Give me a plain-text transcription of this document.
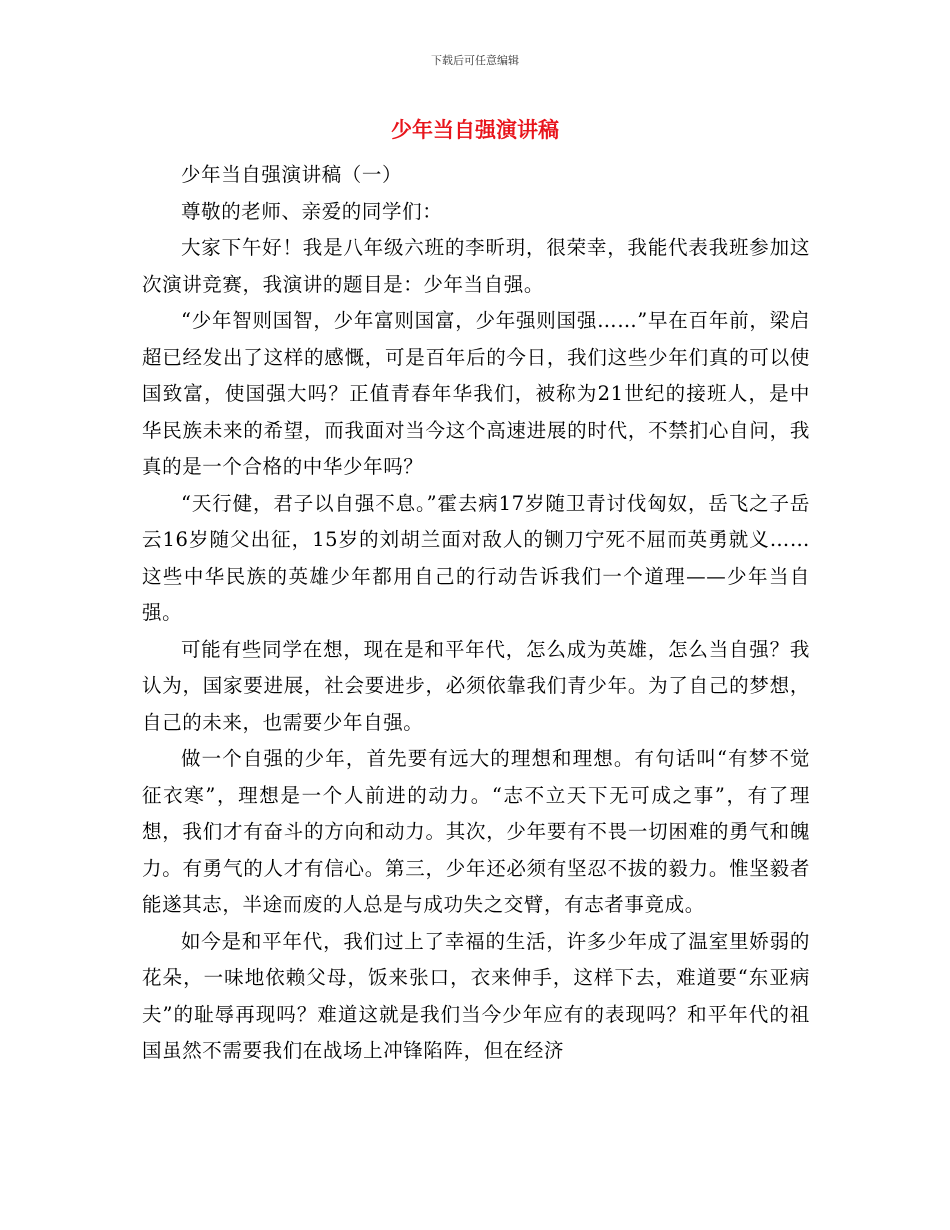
下载后可任意编辑
少年当自强演讲稿

少年当自强演讲稿（一）

尊敬的老师、亲爱的同学们：

大家下午好！我是八年级六班的李昕玥，很荣幸，我能代表我班参加这次演讲竞赛，我演讲的题目是：少年当自强。

“少年智则国智，少年富则国富，少年强则国强……”早在百年前，梁启超已经发出了这样的感慨，可是百年后的今日，我们这些少年们真的可以使国致富，使国强大吗？正值青春年华我们，被称为21世纪的接班人，是中华民族未来的希望，而我面对当今这个高速进展的时代，不禁扪心自问，我真的是一个合格的中华少年吗？

“天行健，君子以自强不息。”霍去病17岁随卫青讨伐匈奴，岳飞之子岳云16岁随父出征，15岁的刘胡兰面对敌人的铡刀宁死不屈而英勇就义……这些中华民族的英雄少年都用自己的行动告诉我们一个道理——少年当自强。

可能有些同学在想，现在是和平年代，怎么成为英雄，怎么当自强？我认为，国家要进展，社会要进步，必须依靠我们青少年。为了自己的梦想，自己的未来，也需要少年自强。

做一个自强的少年，首先要有远大的理想和理想。有句话叫“有梦不觉征衣寒”，理想是一个人前进的动力。“志不立天下无可成之事”，有了理想，我们才有奋斗的方向和动力。其次，少年要有不畏一切困难的勇气和魄力。有勇气的人才有信心。第三，少年还必须有坚忍不拔的毅力。惟坚毅者能遂其志，半途而废的人总是与成功失之交臂，有志者事竟成。

如今是和平年代，我们过上了幸福的生活，许多少年成了温室里娇弱的花朵，一味地依赖父母，饭来张口，衣来伸手，这样下去，难道要“东亚病夫”的耻辱再现吗？难道这就是我们当今少年应有的表现吗？和平年代的祖国虽然不需要我们在战场上冲锋陷阵，但在经济
